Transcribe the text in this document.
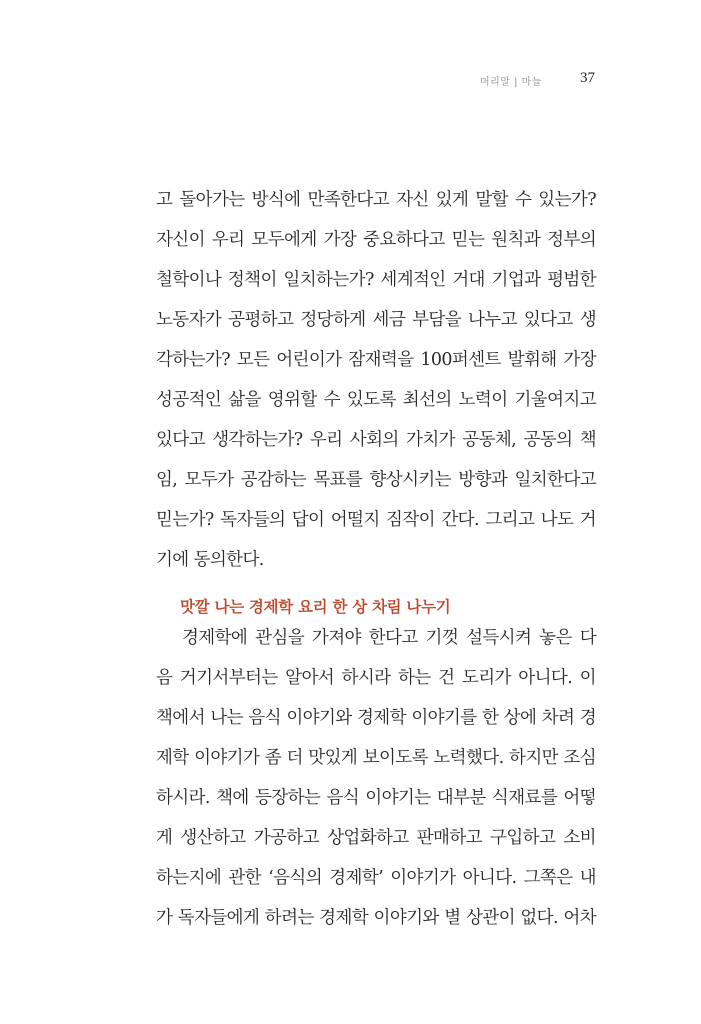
머리말 | 마늘	37
고 돌아가는 방식에 만족한다고 자신 있게 말할 수 있는가?
자신이 우리 모두에게 가장 중요하다고 믿는 원칙과 정부의
철학이나 정책이 일치하는가? 세계적인 거대 기업과 평범한
노동자가 공평하고 정당하게 세금 부담을 나누고 있다고 생
각하는가? 모든 어린이가 잠재력을 100퍼센트 발휘해 가장
성공적인 삶을 영위할 수 있도록 최선의 노력이 기울여지고
있다고 생각하는가? 우리 사회의 가치가 공동체, 공동의 책
임, 모두가 공감하는 목표를 향상시키는 방향과 일치한다고
믿는가? 독자들의 답이 어떨지 짐작이 간다. 그리고 나도 거
기에 동의한다.
맛깔 나는 경제학 요리 한 상 차림 나누기
경제학에 관심을 가져야 한다고 기껏 설득시켜 놓은 다
음 거기서부터는 알아서 하시라 하는 건 도리가 아니다. 이
책에서 나는 음식 이야기와 경제학 이야기를 한 상에 차려 경
제학 이야기가 좀 더 맛있게 보이도록 노력했다. 하지만 조심
하시라. 책에 등장하는 음식 이야기는 대부분 식재료를 어떻
게 생산하고 가공하고 상업화하고 판매하고 구입하고 소비
하는지에 관한 ‘음식의 경제학’ 이야기가 아니다. 그쪽은 내
가 독자들에게 하려는 경제학 이야기와 별 상관이 없다. 어차
